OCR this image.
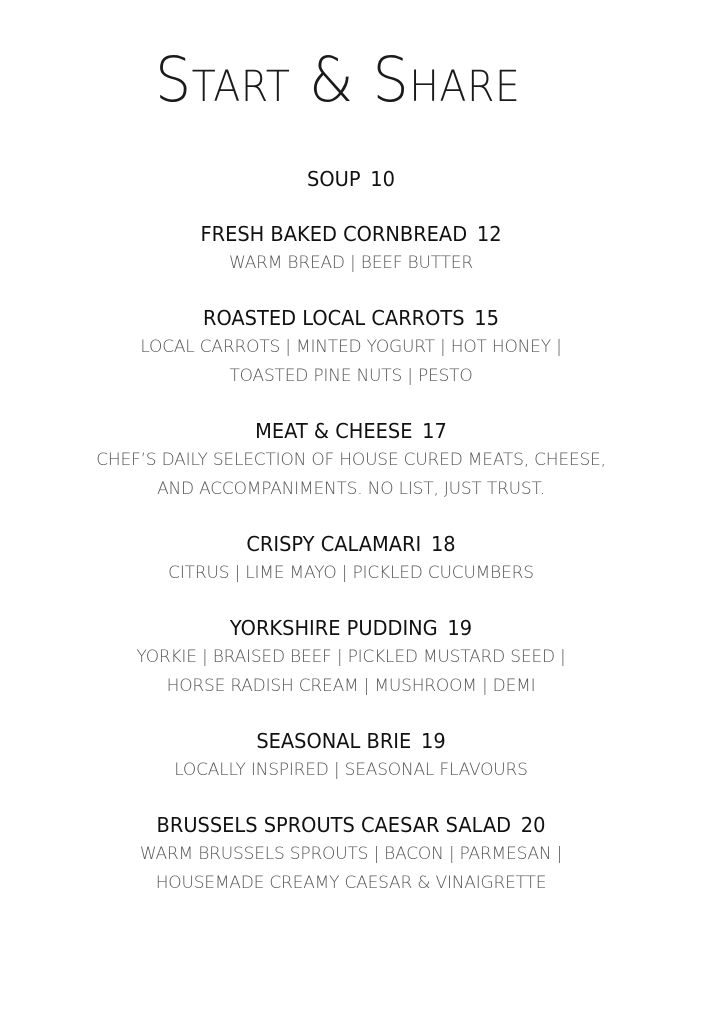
Start & Share
SOUP 10
FRESH BAKED CORNBREAD 12
WARM BREAD | BEEF BUTTER
ROASTED LOCAL CARROTS 15
LOCAL CARROTS | MINTED YOGURT | HOT HONEY |
TOASTED PINE NUTS | PESTO
MEAT & CHEESE 17
CHEF’S DAILY SELECTION OF HOUSE CURED MEATS, CHEESE,
AND ACCOMPANIMENTS. NO LIST, JUST TRUST.
CRISPY CALAMARI 18
CITRUS | LIME MAYO | PICKLED CUCUMBERS
YORKSHIRE PUDDING 19
YORKIE | BRAISED BEEF | PICKLED MUSTARD SEED |
HORSE RADISH CREAM | MUSHROOM | DEMI
SEASONAL BRIE 19
LOCALLY INSPIRED | SEASONAL FLAVOURS
BRUSSELS SPROUTS CAESAR SALAD 20
WARM BRUSSELS SPROUTS | BACON | PARMESAN |
HOUSEMADE CREAMY CAESAR & VINAIGRETTE
